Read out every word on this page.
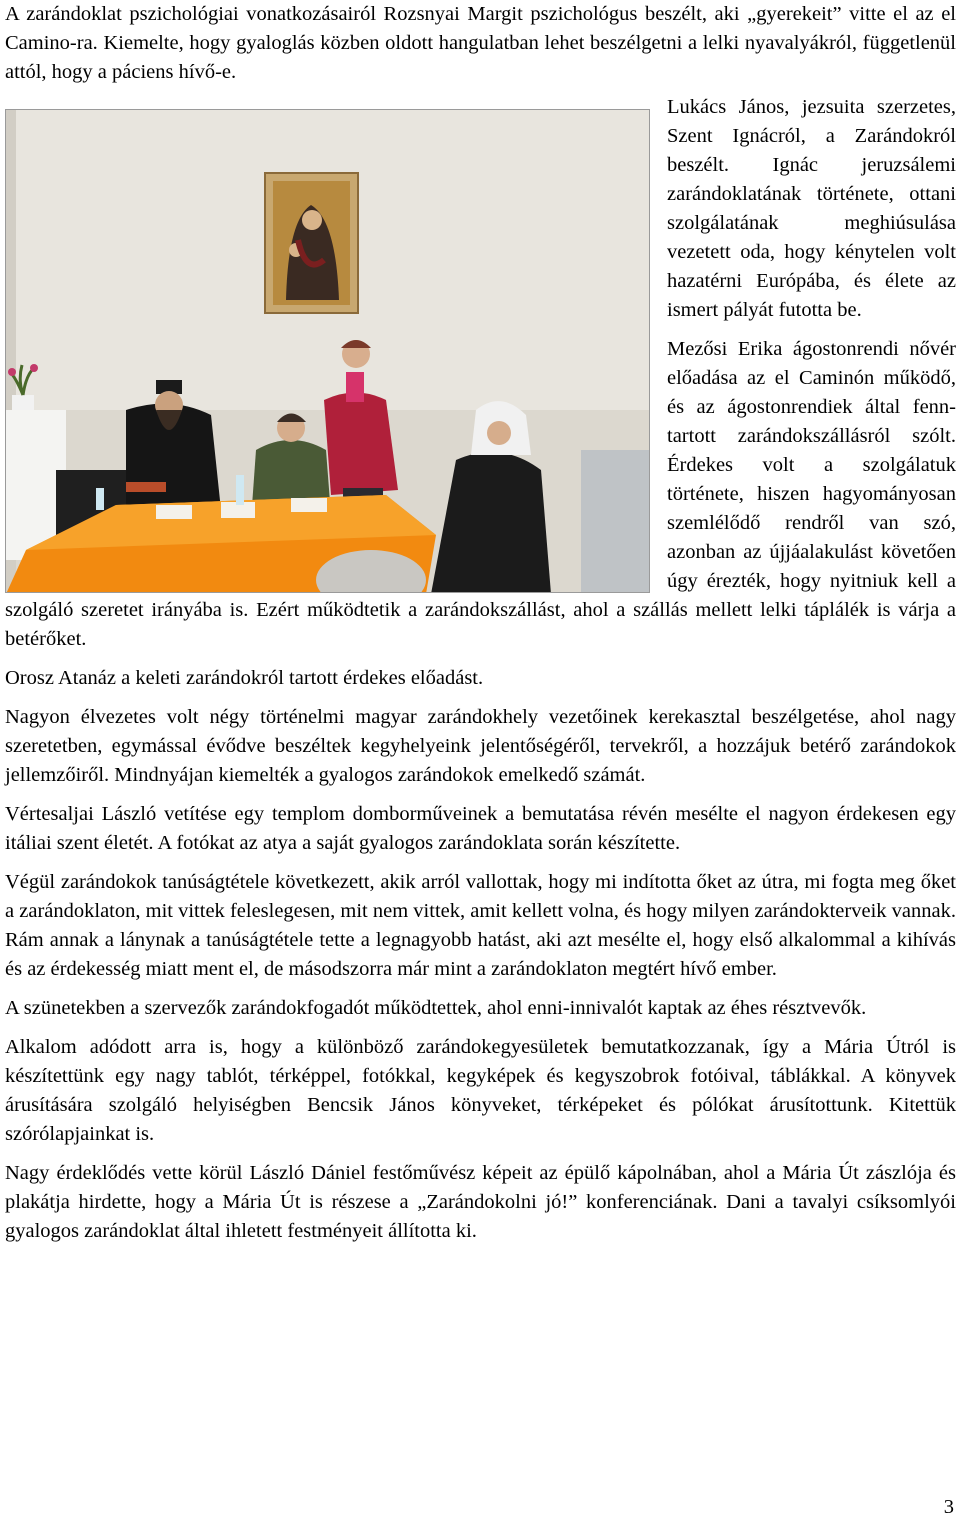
A zarándoklat pszichológiai vonatkozásairól Rozsnyai Margit pszichológus beszélt, aki „gyerekeit” vitte el az el Camino-ra. Kiemelte, hogy gyaloglás közben oldott hangulatban lehet beszélgetni a lelki nyavalyákról, függetlenül attól, hogy a páciens hívő-e.

Lukács János, jezsuita szerzetes, Szent Ignácról, a Zarándokról beszélt. Ignác jeruzsálemi zarándoklatának története, ottani szolgálatának meghiúsulása vezetett oda, hogy kénytelen volt hazatérni Európába, és élete az ismert pályát futotta be.

Mezősi Erika ágostonrendi nővér előadása az el Caminón működő, és az ágostonrendiek által fenntartott zarándokszállásról szólt. Érdekes volt a szolgálatuk története, hiszen hagyományosan szemlélődő rendről van szó, azonban az újjáalakulást követően úgy érezték, hogy nyitniuk kell a szolgáló szeretet irányába is. Ezért működtetik a zarándokszállást, ahol a szállás mellett lelki táplálék is várja a betérőket.

Orosz Atanáz a keleti zarándokról tartott érdekes előadást.

Nagyon élvezetes volt négy történelmi magyar zarándokhely vezetőinek kerekasztal beszélgetése, ahol nagy szeretetben, egymással évődve beszéltek kegyhelyeink jelentőségéről, tervekről, a hozzájuk betérő zarándokok jellemzőiről. Mindnyájan kiemelték a gyalogos zarándokok emelkedő számát.

Vértesaljai László vetítése egy templom domborműveinek a bemutatása révén mesélte el nagyon érdekesen egy itáliai szent életét. A fotókat az atya a saját gyalogos zarándoklata során készítette.

Végül zarándokok tanúságtétele következett, akik arról vallottak, hogy mi indította őket az útra, mi fogta meg őket a zarándoklaton, mit vittek feleslegesen, mit nem vittek, amit kellett volna, és hogy milyen zarándokterveik vannak. Rám annak a lánynak a tanúságtétele tette a legnagyobb hatást, aki azt mesélte el, hogy első alkalommal a kihívás és az érdekesség miatt ment el, de másodszorra már mint a zarándoklaton megtért hívő ember.

A szünetekben a szervezők zarándokfogadót működtettek, ahol enni-innivalót kaptak az éhes résztvevők.

Alkalom adódott arra is, hogy a különböző zarándokegyesületek bemutatkozzanak, így a Mária Útról is készítettünk egy nagy tablót, térképpel, fotókkal, kegyképek és kegyszobrok fotóival, táblákkal. A könyvek árusítására szolgáló helyiségben Bencsik János könyveket, térképeket és pólókat árusítottunk. Kitettük szórólapjainkat is.

Nagy érdeklődés vette körül László Dániel festőművész képeit az épülő kápolnában, ahol a Mária Út zászlója és plakátja hirdette, hogy a Mária Út is részese a „Zarándokolni jó!” konferenciának. Dani a tavalyi csíksomlyói gyalogos zarándoklat által ihletett festményeit állította ki.

3
